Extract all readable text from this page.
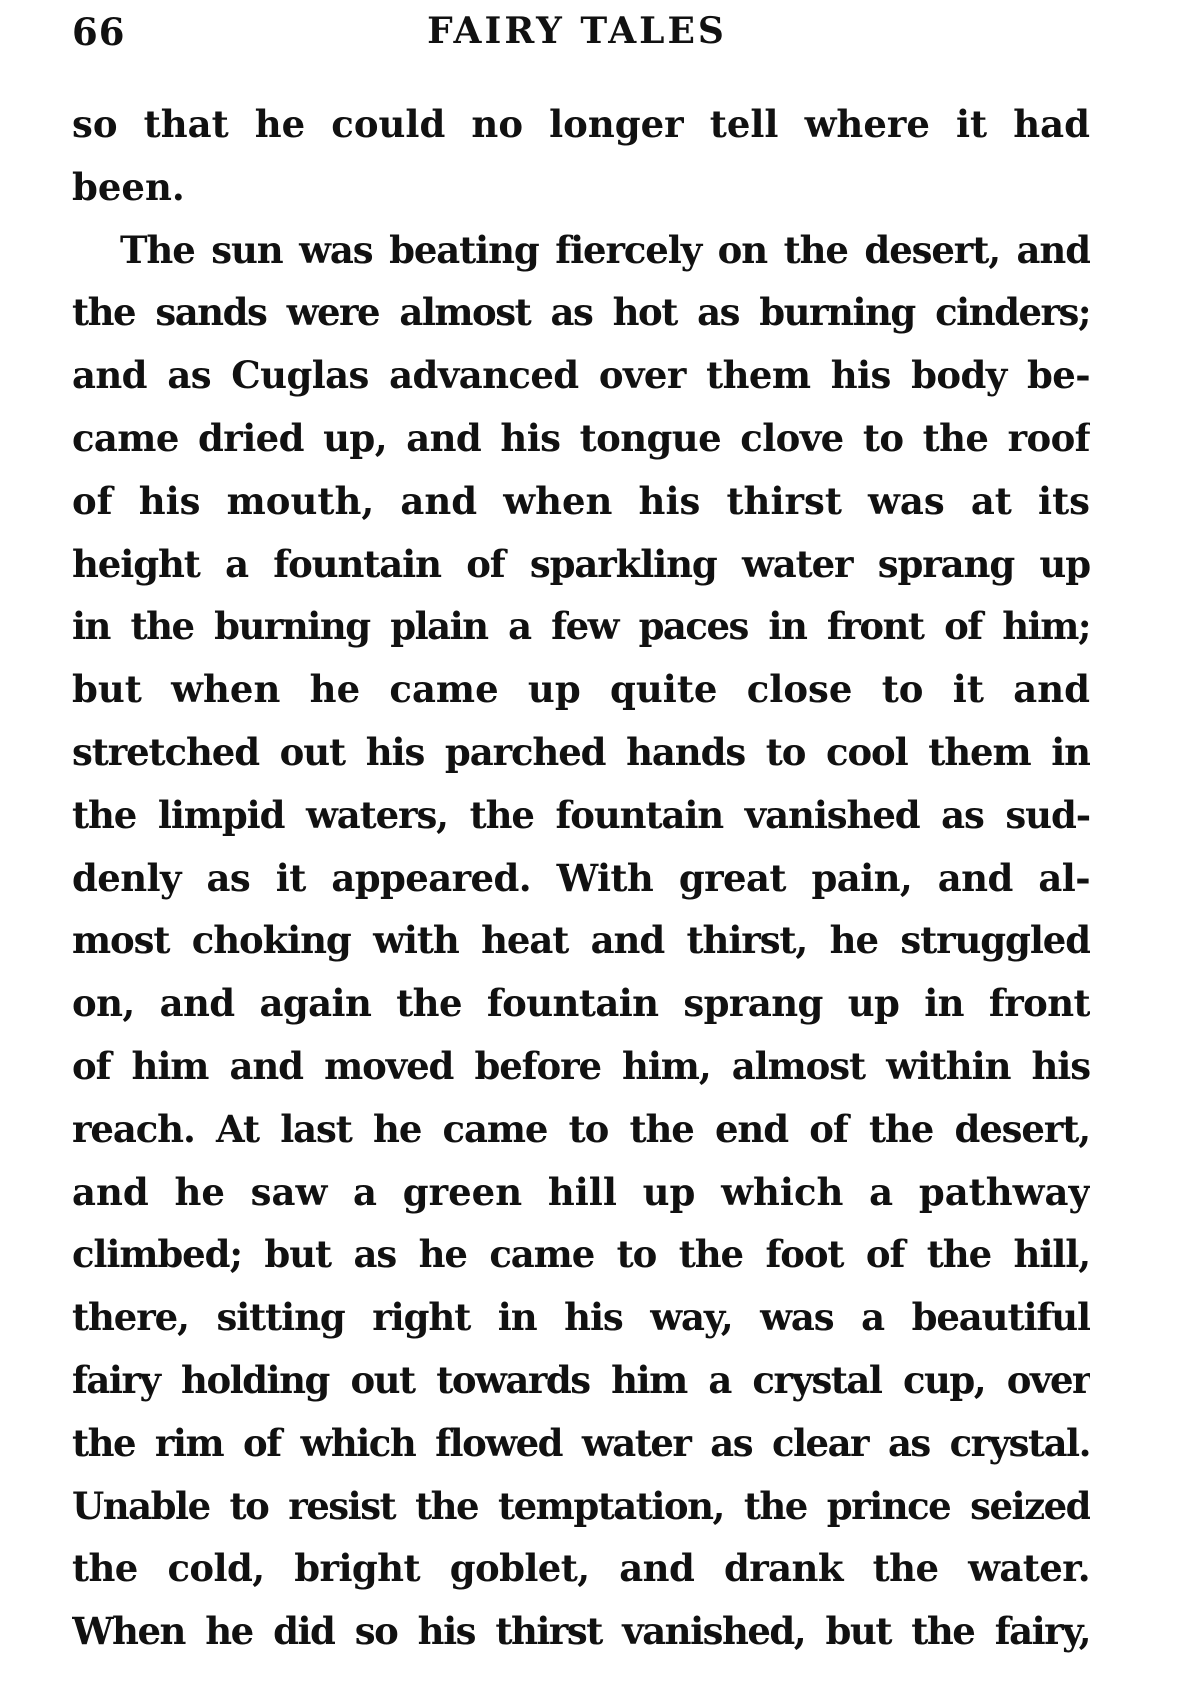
66	FAIRY TALES
so that he could no longer tell where it had
been.
The sun was beating fiercely on the desert, and
the sands were almost as hot as burning cinders;
and as Cuglas advanced over them his body be-
came dried up, and his tongue clove to the roof
of his mouth, and when his thirst was at its
height a fountain of sparkling water sprang up
in the burning plain a few paces in front of him;
but when he came up quite close to it and
stretched out his parched hands to cool them in
the limpid waters, the fountain vanished as sud-
denly as it appeared. With great pain, and al-
most choking with heat and thirst, he struggled
on, and again the fountain sprang up in front
of him and moved before him, almost within his
reach. At last he came to the end of the desert,
and he saw a green hill up which a pathway
climbed; but as he came to the foot of the hill,
there, sitting right in his way, was a beautiful
fairy holding out towards him a crystal cup, over
the rim of which flowed water as clear as crystal.
Unable to resist the temptation, the prince seized
the cold, bright goblet, and drank the water.
When he did so his thirst vanished, but the fairy,
